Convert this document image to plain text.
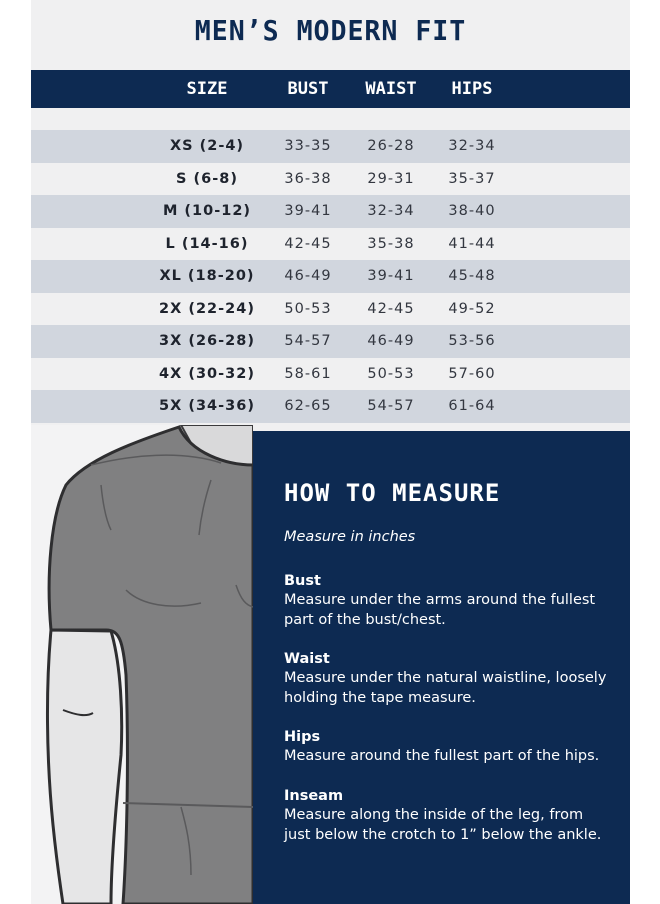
MEN’S MODERN FIT
SIZE	BUST	WAIST	HIPS
XS (2-4)	33-35	26-28	32-34
S (6-8)	36-38	29-31	35-37
M (10-12)	39-41	32-34	38-40
L (14-16)	42-45	35-38	41-44
XL (18-20)	46-49	39-41	45-48
2X (22-24)	50-53	42-45	49-52
3X (26-28)	54-57	46-49	53-56
4X (30-32)	58-61	50-53	57-60
5X (34-36)	62-65	54-57	61-64
HOW TO MEASURE
Measure in inches
Bust
Measure under the arms around the fullest
part of the bust/chest.
Waist
Measure under the natural waistline, loosely
holding the tape measure.
Hips
Measure around the fullest part of the hips.
Inseam
Measure along the inside of the leg, from
just below the crotch to 1” below the ankle.
